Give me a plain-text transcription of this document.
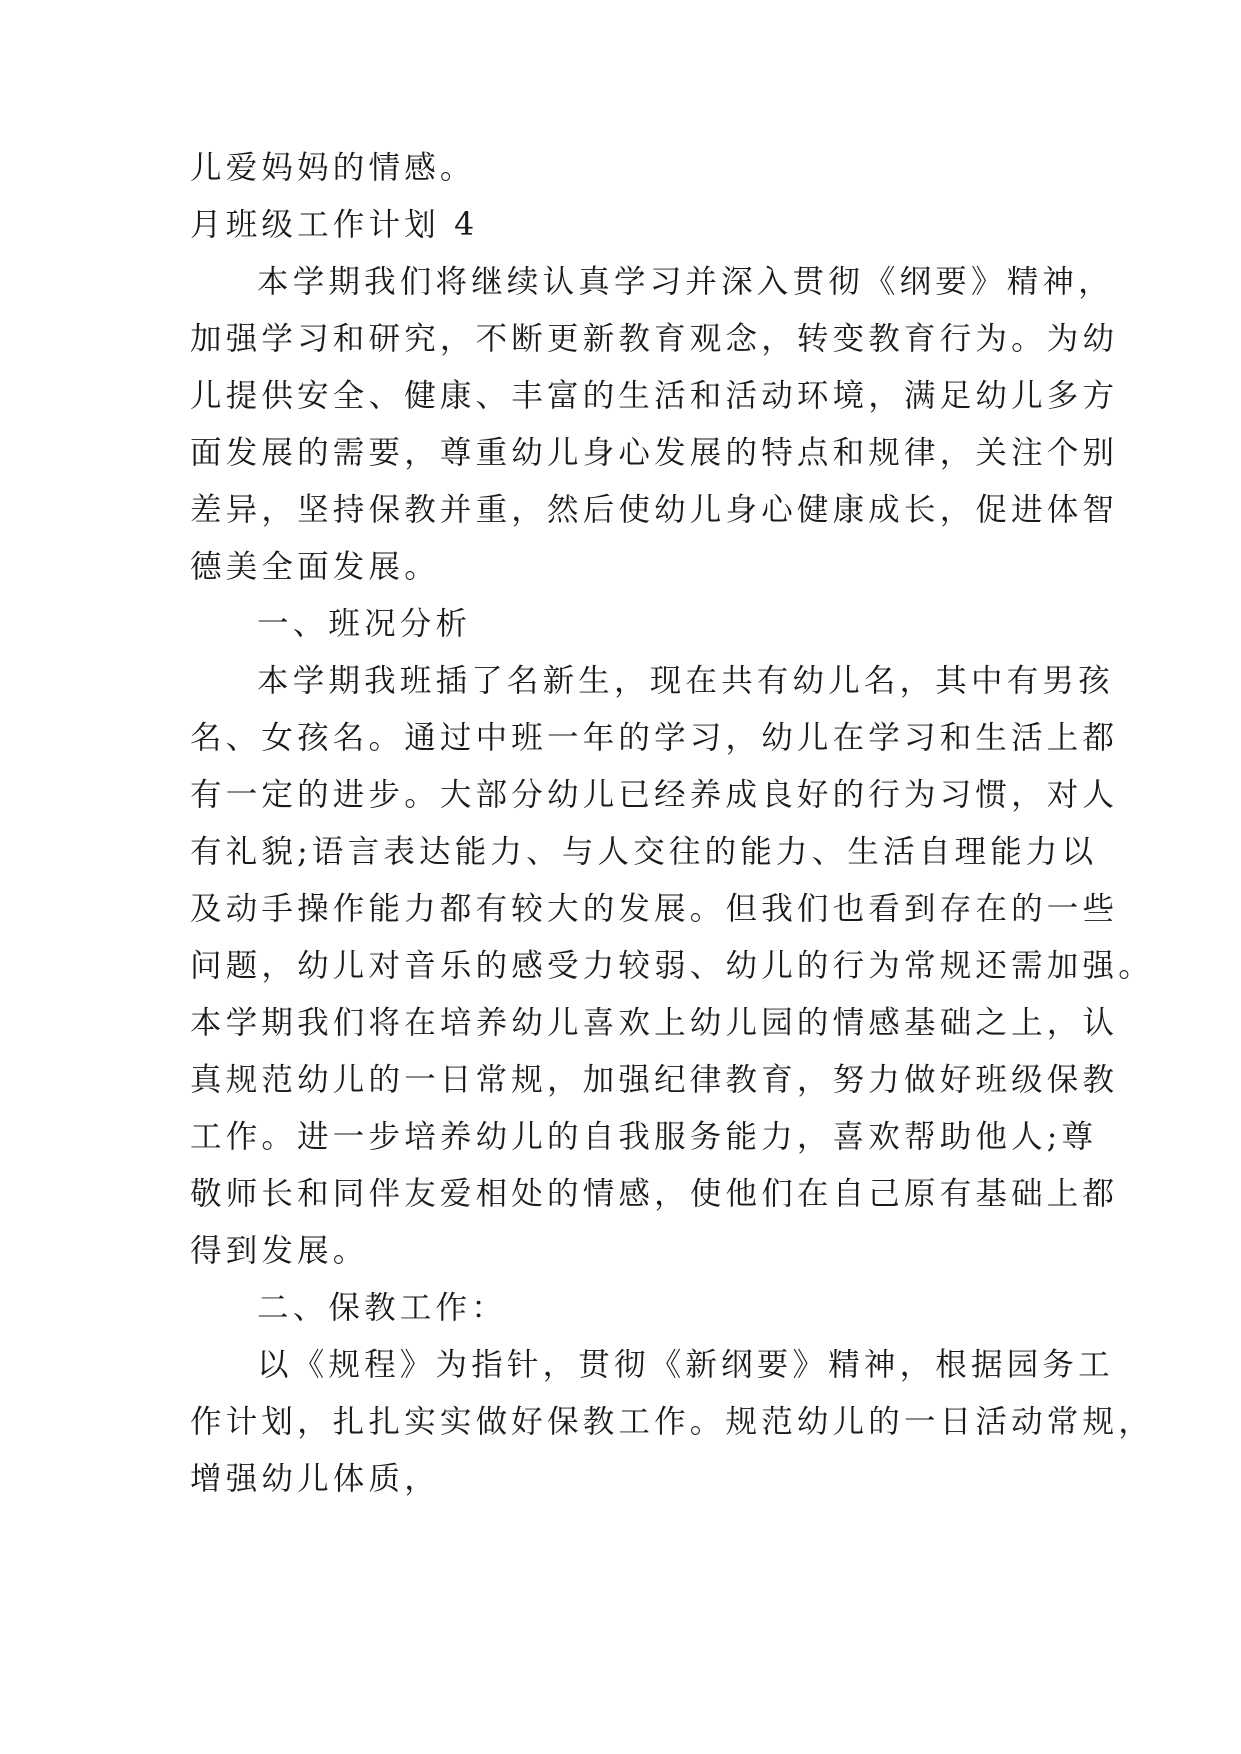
儿爱妈妈的情感。
月班级工作计划 4
本学期我们将继续认真学习并深入贯彻《纲要》精神，
加强学习和研究，不断更新教育观念，转变教育行为。为幼
儿提供安全、健康、丰富的生活和活动环境，满足幼儿多方
面发展的需要，尊重幼儿身心发展的特点和规律，关注个别
差异，坚持保教并重，然后使幼儿身心健康成长，促进体智
德美全面发展。
一、班况分析
本学期我班插了名新生，现在共有幼儿名，其中有男孩
名、女孩名。通过中班一年的学习，幼儿在学习和生活上都
有一定的进步。大部分幼儿已经养成良好的行为习惯，对人
有礼貌;语言表达能力、与人交往的能力、生活自理能力以
及动手操作能力都有较大的发展。但我们也看到存在的一些
问题，幼儿对音乐的感受力较弱、幼儿的行为常规还需加强。
本学期我们将在培养幼儿喜欢上幼儿园的情感基础之上，认
真规范幼儿的一日常规，加强纪律教育，努力做好班级保教
工作。进一步培养幼儿的自我服务能力，喜欢帮助他人;尊
敬师长和同伴友爱相处的情感，使他们在自己原有基础上都
得到发展。
二、保教工作：
以《规程》为指针，贯彻《新纲要》精神，根据园务工
作计划，扎扎实实做好保教工作。规范幼儿的一日活动常规，
增强幼儿体质，
